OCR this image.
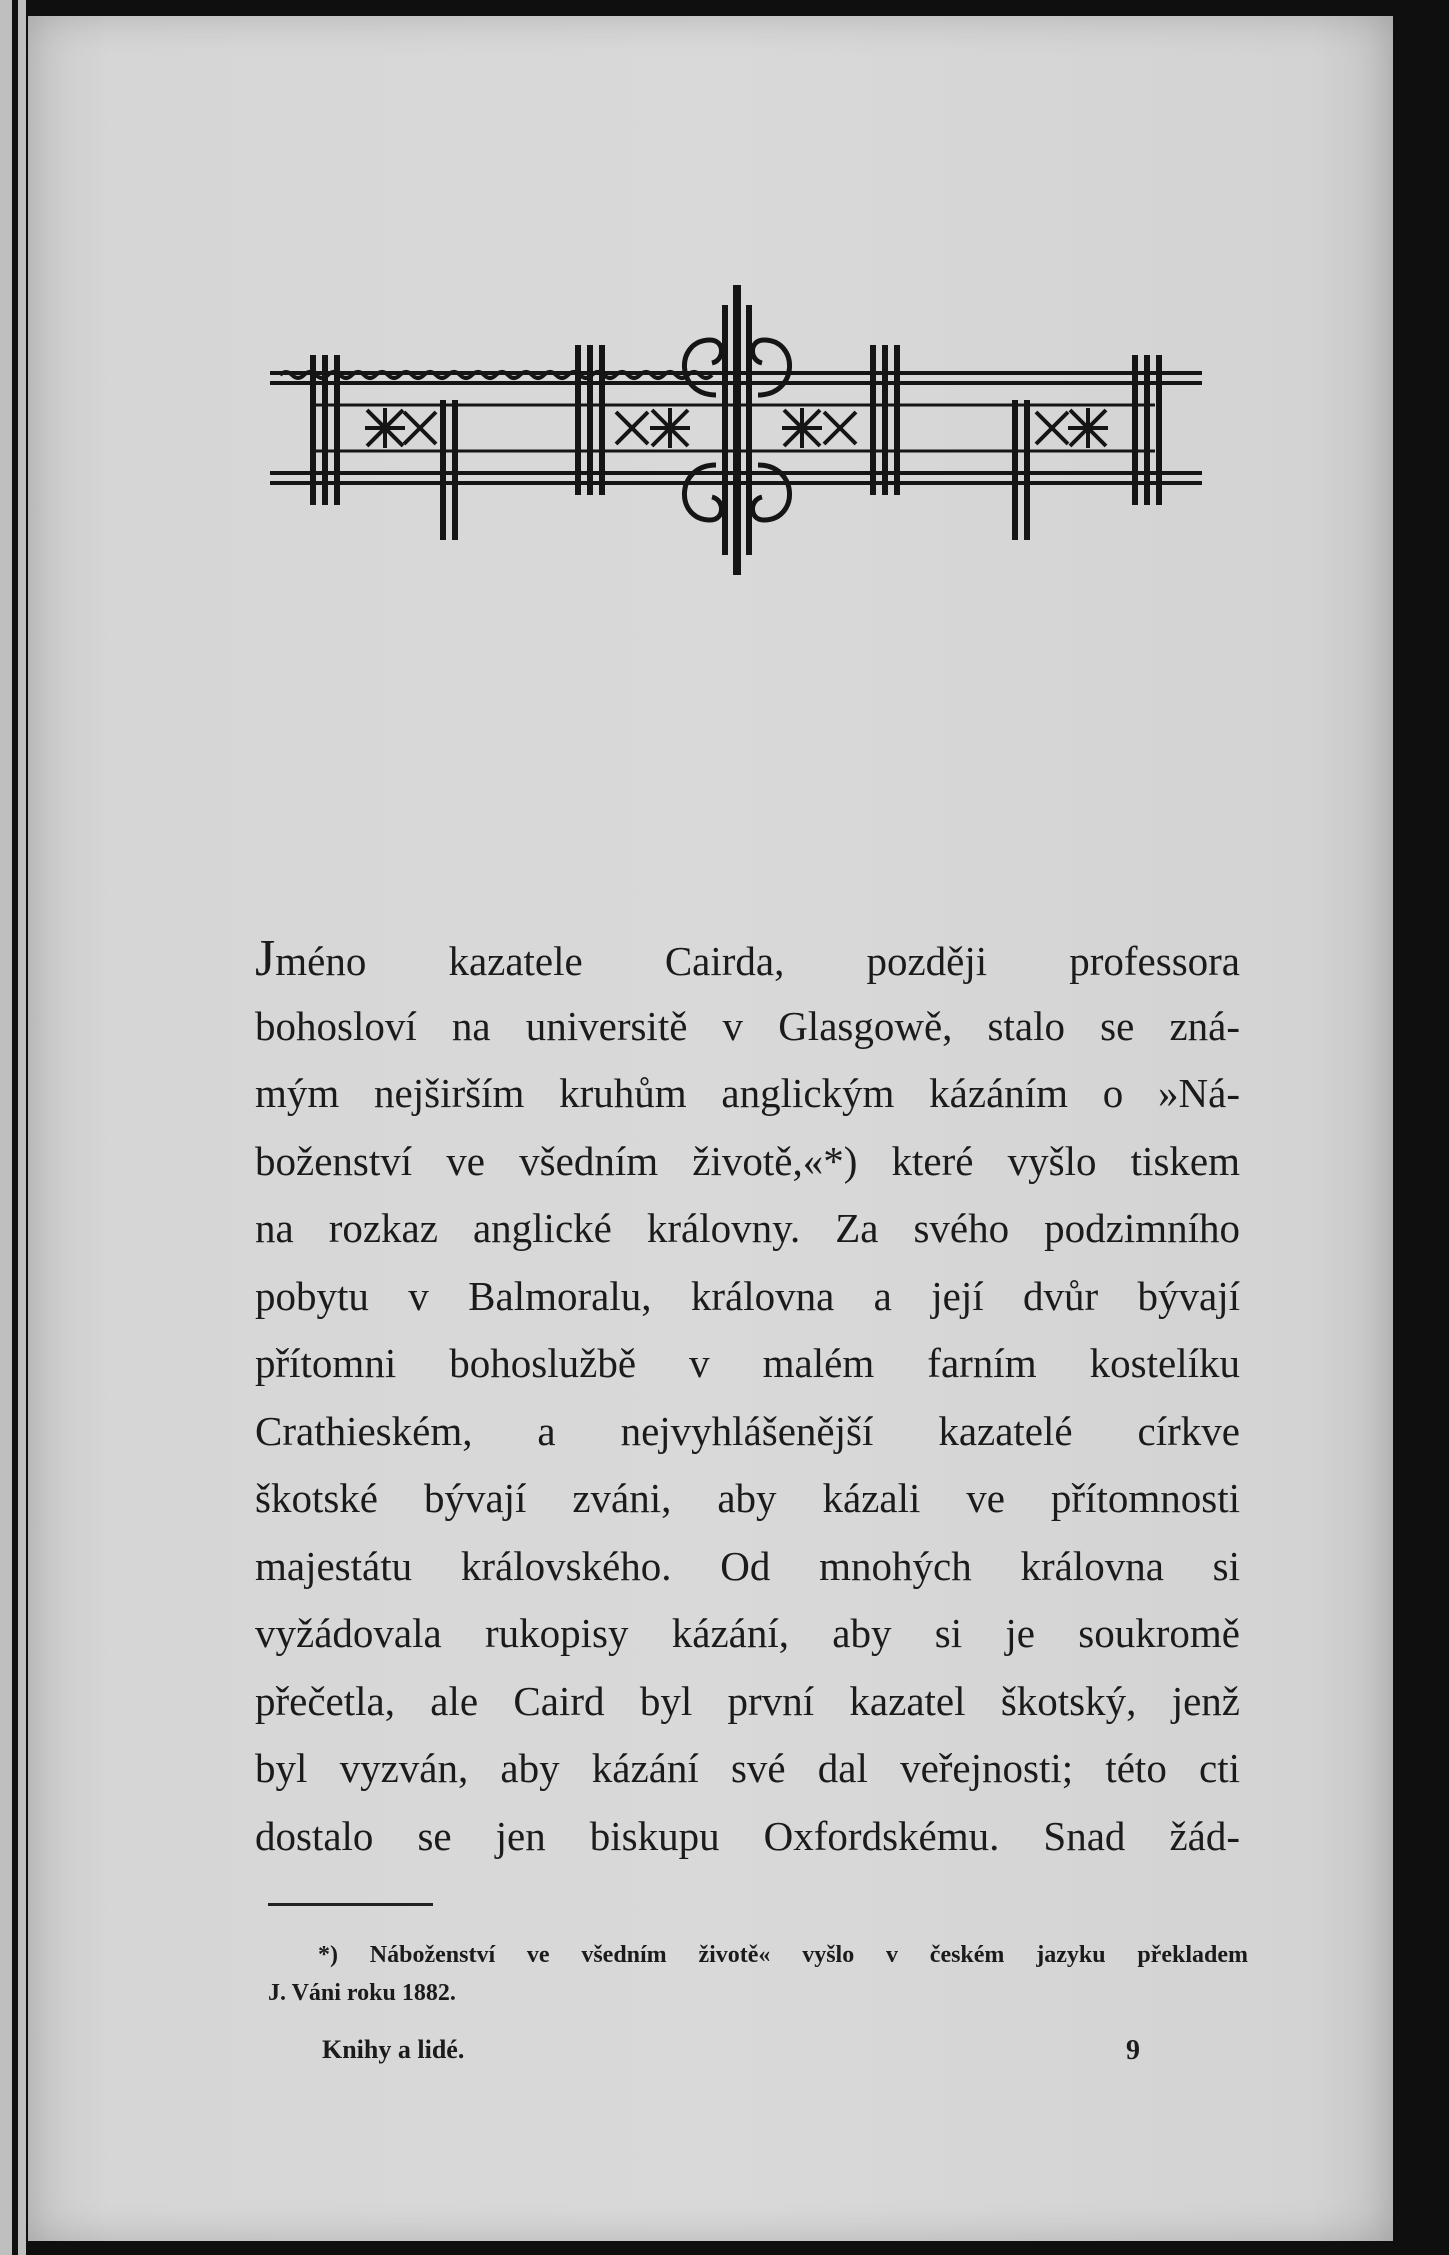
Jméno kazatele Cairda, později professora
bohosloví na universitě v Glasgowě, stalo se zná-
mým nejširším kruhům anglickým kázáním o »Ná-
boženství ve všedním životě,«*) které vyšlo tiskem
na rozkaz anglické královny. Za svého podzimního
pobytu v Balmoralu, královna a její dvůr bývají
přítomni bohoslužbě v malém farním kostelíku
Crathieském, a nejvyhlášenější kazatelé církve
škotské bývají zváni, aby kázali ve přítomnosti
majestátu královského. Od mnohých královna si
vyžádovala rukopisy kázání, aby si je soukromě
přečetla, ale Caird byl první kazatel škotský, jenž
byl vyzván, aby kázání své dal veřejnosti; této cti
dostalo se jen biskupu Oxfordskému. Snad žád-
*) Náboženství ve všedním životě« vyšlo v českém jazyku překladem
J. Váni roku 1882.
Knihy a lidé.	9
